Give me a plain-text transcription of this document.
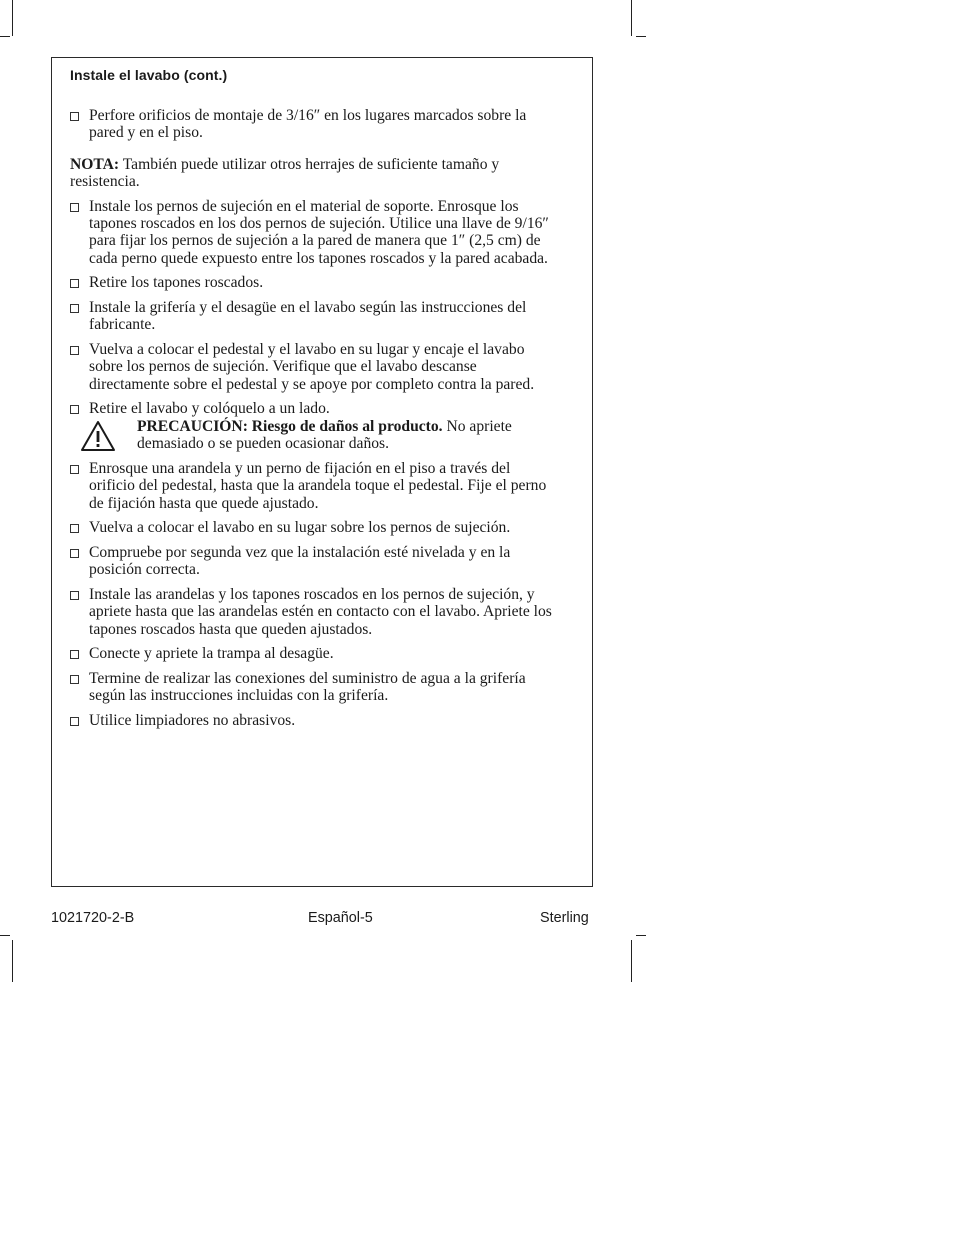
Instale el lavabo (cont.)
Perfore orificios de montaje de 3/16″ en los lugares marcados sobre la pared y en el piso.
NOTA: También puede utilizar otros herrajes de suficiente tamaño y resistencia.
Instale los pernos de sujeción en el material de soporte. Enrosque los tapones roscados en los dos pernos de sujeción. Utilice una llave de 9/16″ para fijar los pernos de sujeción a la pared de manera que 1″ (2,5 cm) de cada perno quede expuesto entre los tapones roscados y la pared acabada.
Retire los tapones roscados.
Instale la grifería y el desagüe en el lavabo según las instrucciones del fabricante.
Vuelva a colocar el pedestal y el lavabo en su lugar y encaje el lavabo sobre los pernos de sujeción. Verifique que el lavabo descanse directamente sobre el pedestal y se apoye por completo contra la pared.
Retire el lavabo y colóquelo a un lado.
PRECAUCIÓN: Riesgo de daños al producto. No apriete demasiado o se pueden ocasionar daños.
Enrosque una arandela y un perno de fijación en el piso a través del orificio del pedestal, hasta que la arandela toque el pedestal. Fije el perno de fijación hasta que quede ajustado.
Vuelva a colocar el lavabo en su lugar sobre los pernos de sujeción.
Compruebe por segunda vez que la instalación esté nivelada y en la posición correcta.
Instale las arandelas y los tapones roscados en los pernos de sujeción, y apriete hasta que las arandelas estén en contacto con el lavabo. Apriete los tapones roscados hasta que queden ajustados.
Conecte y apriete la trampa al desagüe.
Termine de realizar las conexiones del suministro de agua a la grifería según las instrucciones incluidas con la grifería.
Utilice limpiadores no abrasivos.
1021720-2-B	Español-5	Sterling
